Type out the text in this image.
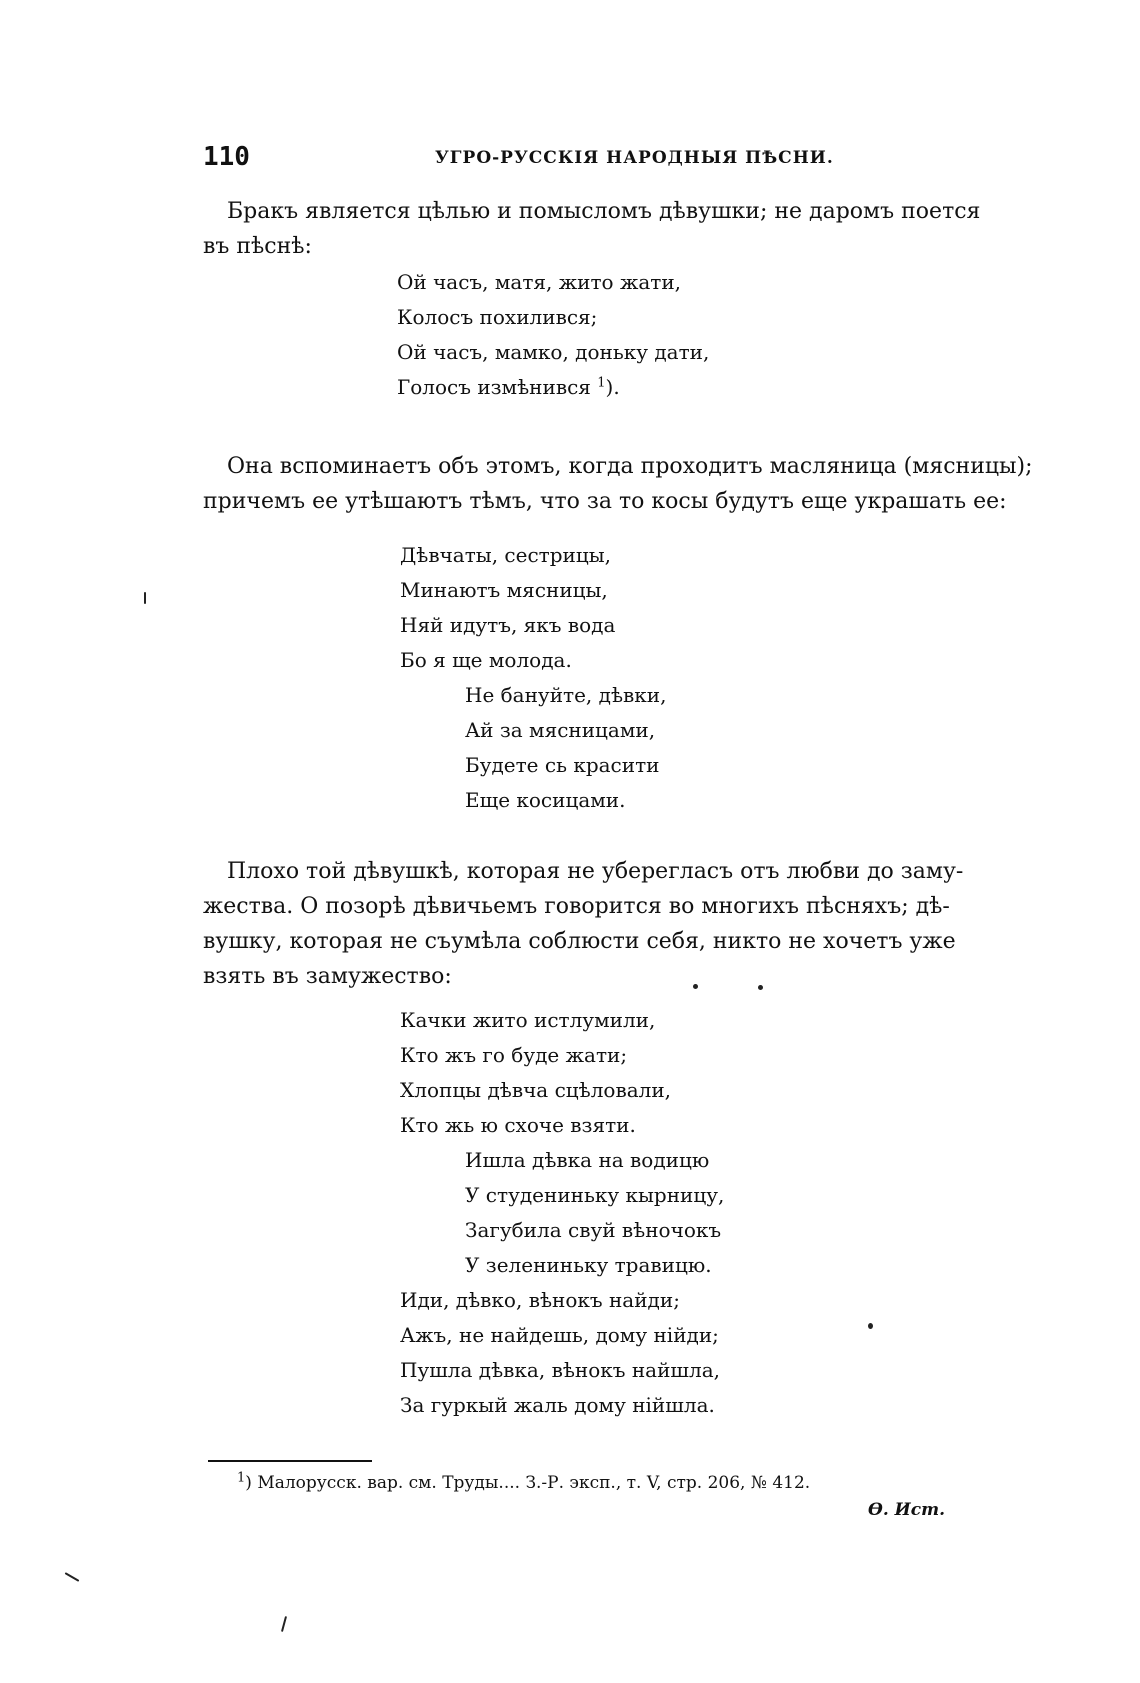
110	УГРО-РУССКІЯ НАРОДНЫЯ ПѢСНИ.
Бракъ является цѣлью и помысломъ дѣвушки; не даромъ поется
въ пѣснѣ:
Ой часъ, матя, жито жати,
Колосъ похилився;
Ой часъ, мамко, доньку дати,
Голосъ измѣнився $^1$).
Она вспоминаетъ объ этомъ, когда проходитъ масляница (мясницы);
причемъ ее утѣшаютъ тѣмъ, что за то косы будутъ еще украшать ее:
Дѣвчаты, сестрицы,
Минаютъ мясницы,
Няй идутъ, якъ вода
Бо я ще молода.
Не бануйте, дѣвки,
Ай за мясницами,
Будете сь красити
Еще косицами.
Плохо той дѣвушкѣ, которая не уберегласъ отъ любви до заму-
жества. О позорѣ дѣвичьемъ говорится во многихъ пѣсняхъ; дѣ-
вушку, которая не съумѣла соблюсти себя, никто не хочетъ уже
взять въ замужество:
Качки жито истлумили,
Кто жъ го буде жати;
Хлопцы дѣвча сцѣловали,
Кто жь ю схоче взяти.
Ишла дѣвка на водицю
У студениньку кырницу,
Загубила свуй вѣночокъ
У зелениньку травицю.
Иди, дѣвко, вѣнокъ найди;
Ажъ, не найдешь, дому нійди;
Пушла дѣвка, вѣнокъ найшла,
За гуркый жаль дому нійшла.
$^1$) Малорусск. вар. см. Труды.... З.-Р. эксп., т. V, стр. 206, № 412.
Ѳ. Ист.
